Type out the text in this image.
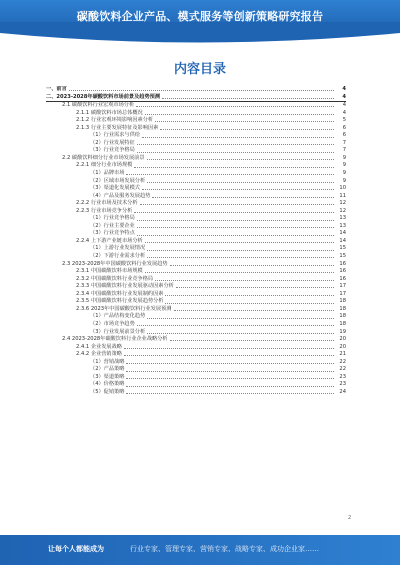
碳酸饮料企业产品、模式服务等创新策略研究报告
内容目录
一、前言	4
二、2023-2028年碳酸饮料市场前景及趋势预测	4
2.1 碳酸饮料行业宏观市场分析	4
2.1.1 碳酸饮料市场总体概况	4
2.1.2 行业宏观环境影响因素分析	5
2.1.3 行业主要发展特征及影响因素	6
（1）行业需求与供给	6
（2）行业发展特征	7
（3）行业竞争格局	7
2.2 碳酸饮料细分行业市场发展前景	9
2.2.1 细分行业市场规模	9
（1）品牌市场	9
（2）区域市场发展分析	9
（3）渠道化发展模式	10
（4）产品及服务发展趋势	11
2.2.2 行业市场及技术分析	12
2.2.3 行业市场竞争分析	12
（1）行业竞争格局	13
（2）行业主要企业	13
（3）行业竞争特点	14
2.2.4 上下游产业链市场分析	14
（1）上游行业发展情况	15
（2）下游行业需求分析	15
2.3 2023-2028年中国碳酸饮料行业发展趋势	16
2.3.1 中国碳酸饮料市场规模	16
2.3.2 中国碳酸饮料行业竞争格局	16
2.3.3 中国碳酸饮料行业发展驱动因素分析	17
2.3.4 中国碳酸饮料行业发展制约因素	17
2.3.5 中国碳酸饮料行业发展趋势分析	18
2.3.6 2023年中国碳酸饮料行业发展预测	18
（1）产品结构变化趋势	18
（2）市场竞争趋势	18
（3）行业发展前景分析	19
2.4 2023-2028年碳酸饮料行业企业战略分析	20
2.4.1 企业发展战略	20
2.4.2 企业营销策略	21
（1）营销战略	22
（2）产品策略	22
（3）渠道策略	23
（4）价格策略	23
（5）促销策略	24
2
让每个人都能成为	行业专家、管理专家、营销专家、战略专家、成功企业家……
